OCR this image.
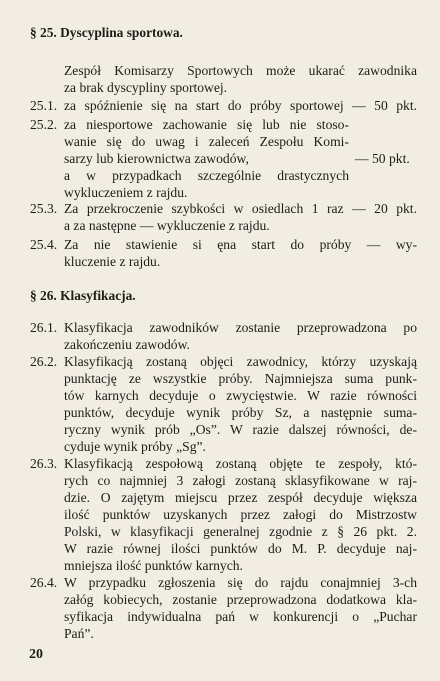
§ 25. Dyscyplina sportowa.
Zespół Komisarzy Sportowych może ukarać zawodnika
za brak dyscypliny sportowej.
25.1. za spóźnienie się na start do próby sportowej — 50 pkt.
25.2. za niesportowe zachowanie się lub nie stoso-
wanie się do uwag i zaleceń Zespołu Komi-
sarzy lub kierownictwa zawodów,	— 50 pkt.
a w przypadkach szczególnie drastycznych
wykluczeniem z rajdu.
25.3. Za przekroczenie szybkości w osiedlach 1 raz — 20 pkt.
a za następne — wykluczenie z rajdu.
25.4. Za nie stawienie si ęna start do próby — wy-
kluczenie z rajdu.
§ 26. Klasyfikacja.
26.1. Klasyfikacja zawodników zostanie przeprowadzona po
zakończeniu zawodów.
26.2. Klasyfikacją zostaną objęci zawodnicy, którzy uzyskają
punktację ze wszystkie próby. Najmniejsza suma punk-
tów karnych decyduje o zwycięstwie. W razie równości
punktów, decyduje wynik próby Sz, a następnie suma-
ryczny wynik prób „Os”. W razie dalszej równości, de-
cyduje wynik próby „Sg”.
26.3. Klasyfikacją zespołową zostaną objęte te zespoły, któ-
rych co najmniej 3 załogi zostaną sklasyfikowane w raj-
dzie. O zajętym miejscu przez zespół decyduje większa
ilość punktów uzyskanych przez załogi do Mistrzostw
Polski, w klasyfikacji generalnej zgodnie z § 26 pkt. 2.
W razie równej ilości punktów do M. P. decyduje naj-
mniejsza ilość punktów karnych.
26.4. W przypadku zgłoszenia się do rajdu conajmniej 3-ch
załóg kobiecych, zostanie przeprowadzona dodatkowa kla-
syfikacja indywidualna pań w konkurencji o „Puchar
Pań”.
20
